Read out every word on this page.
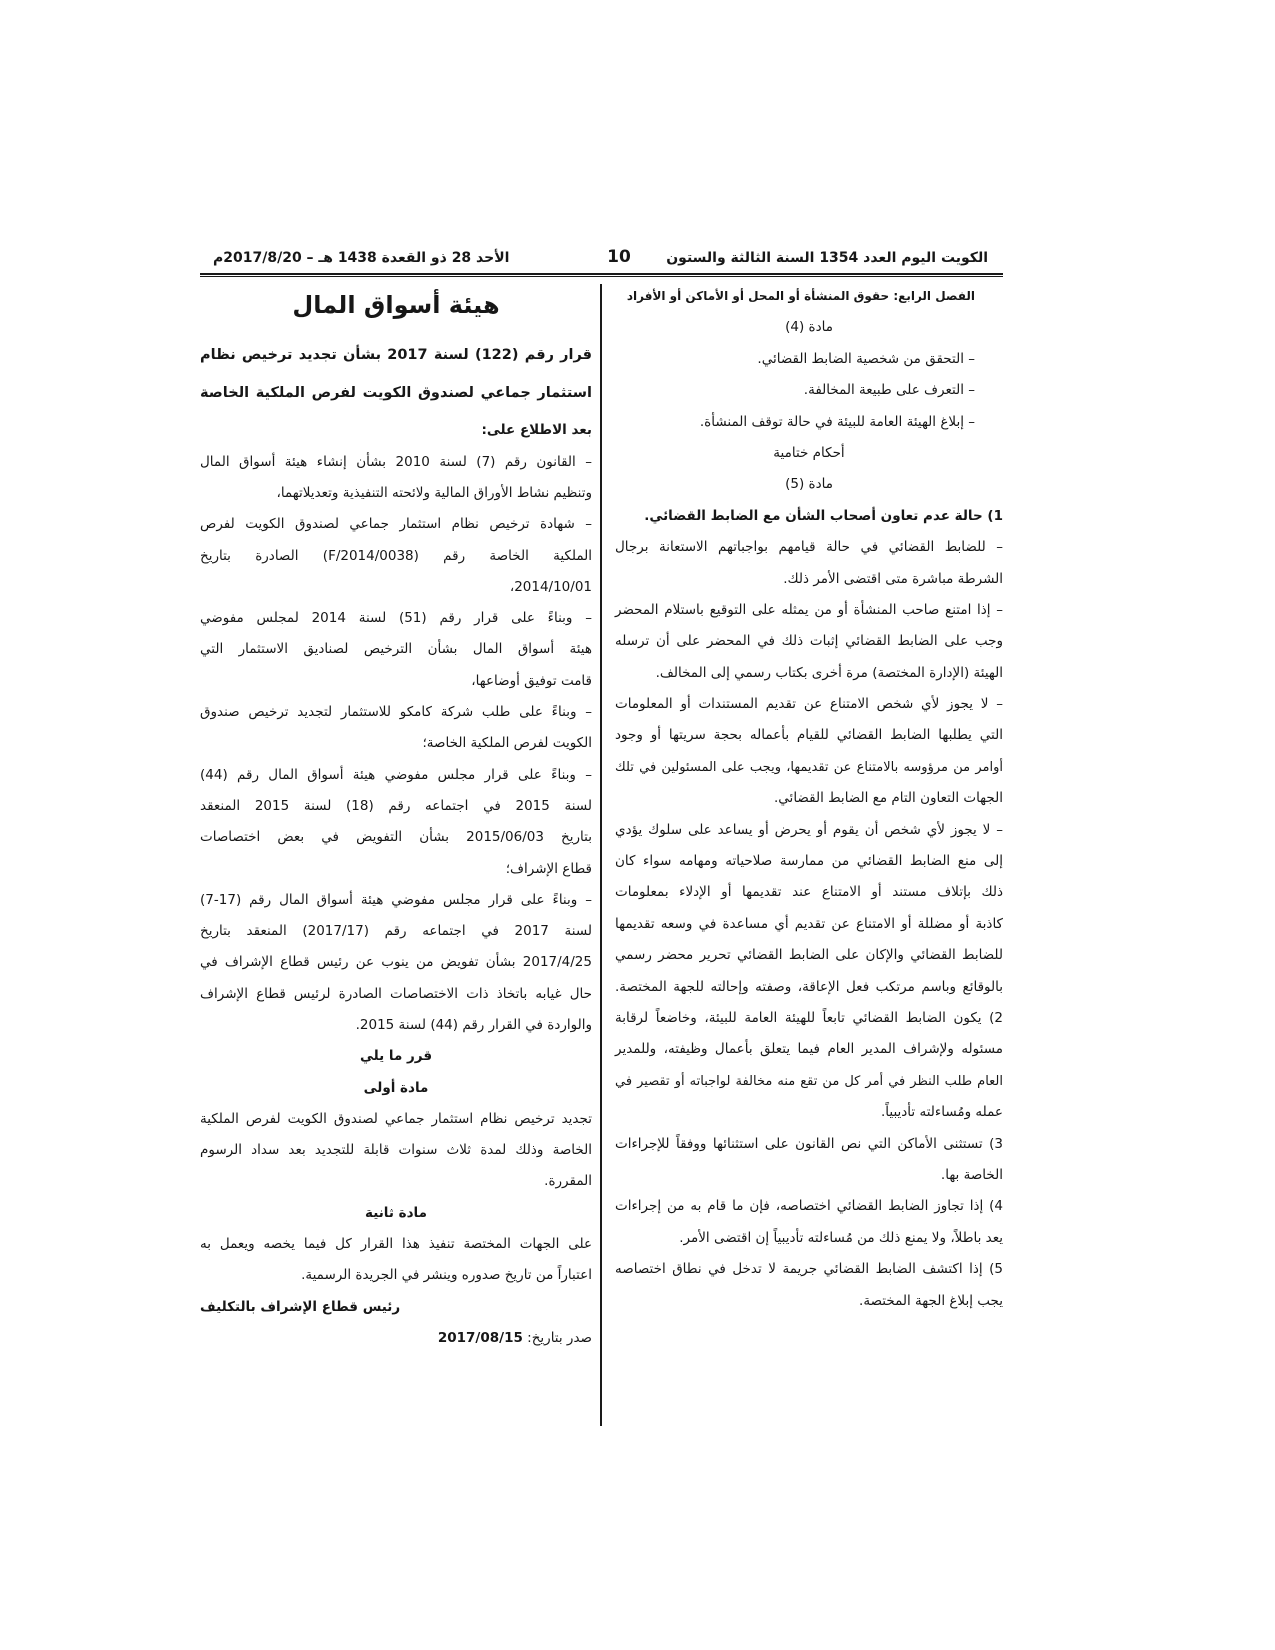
الكويت اليوم العدد 1354 السنة الثالثة والستون
10
الأحد 28 ذو القعدة 1438 هـ – 2017/8/20م
الفصل الرابع: حقوق المنشأة أو المحل أو الأماكن أو الأفراد
مادة (4)
– التحقق من شخصية الضابط القضائي.
– التعرف على طبيعة المخالفة.
– إبلاغ الهيئة العامة للبيئة في حالة توقف المنشأة.
أحكام ختامية
مادة (5)
1) حالة عدم تعاون أصحاب الشأن مع الضابط القضائي.
– للضابط القضائي في حالة قيامهم بواجباتهم الاستعانة برجال
الشرطة مباشرة متى اقتضى الأمر ذلك.
– إذا امتنع صاحب المنشأة أو من يمثله على التوقيع باستلام المحضر
وجب على الضابط القضائي إثبات ذلك في المحضر على أن ترسله
الهيئة (الإدارة المختصة) مرة أخرى بكتاب رسمي إلى المخالف.
– لا يجوز لأي شخص الامتناع عن تقديم المستندات أو المعلومات
التي يطلبها الضابط القضائي للقيام بأعماله بحجة سريتها أو وجود
أوامر من مرؤوسه بالامتناع عن تقديمها، ويجب على المسئولين في تلك
الجهات التعاون التام مع الضابط القضائي.
– لا يجوز لأي شخص أن يقوم أو يحرض أو يساعد على سلوك يؤدي
إلى منع الضابط القضائي من ممارسة صلاحياته ومهامه سواء كان
ذلك بإتلاف مستند أو الامتناع عند تقديمها أو الإدلاء بمعلومات
كاذبة أو مضللة أو الامتناع عن تقديم أي مساعدة في وسعه تقديمها
للضابط القضائي والإكان على الضابط القضائي تحرير محضر رسمي
بالوقائع وباسم مرتكب فعل الإعاقة، وصفته وإحالته للجهة المختصة.
2) يكون الضابط القضائي تابعاً للهيئة العامة للبيئة، وخاضعاً لرقابة
مسئوله ولإشراف المدير العام فيما يتعلق بأعمال وظيفته، وللمدير
العام طلب النظر في أمر كل من تقع منه مخالفة لواجباته أو تقصير في
عمله ومُساءلته تأديبياً.
3) تستثنى الأماكن التي نص القانون على استثنائها ووفقاً للإجراءات
الخاصة بها.
4) إذا تجاوز الضابط القضائي اختصاصه، فإن ما قام به من إجراءات
يعد باطلاً، ولا يمنع ذلك من مُساءلته تأديبياً إن اقتضى الأمر.
5) إذا اكتشف الضابط القضائي جريمة لا تدخل في نطاق اختصاصه
يجب إبلاغ الجهة المختصة.
هيئة أسواق المال
قرار رقم (122) لسنة 2017 بشأن تجديد ترخيص نظام
استثمار جماعي لصندوق الكويت لفرص الملكية الخاصة
بعد الاطلاع على:
– القانون رقم (7) لسنة 2010 بشأن إنشاء هيئة أسواق المال
وتنظيم نشاط الأوراق المالية ولائحته التنفيذية وتعديلاتهما،
– شهادة ترخيص نظام استثمار جماعي لصندوق الكويت لفرص
الملكية الخاصة رقم (F/2014/0038) الصادرة بتاريخ
2014/10/01،
– وبناءً على قرار رقم (51) لسنة 2014 لمجلس مفوضي
هيئة أسواق المال بشأن الترخيص لصناديق الاستثمار التي
قامت توفيق أوضاعها،
– وبناءً على طلب شركة كامكو للاستثمار لتجديد ترخيص صندوق
الكويت لفرص الملكية الخاصة؛
– وبناءً على قرار مجلس مفوضي هيئة أسواق المال رقم (44)
لسنة 2015 في اجتماعه رقم (18) لسنة 2015 المنعقد
بتاريخ 2015/06/03 بشأن التفويض في بعض اختصاصات
قطاع الإشراف؛
– وبناءً على قرار مجلس مفوضي هيئة أسواق المال رقم (17-7)
لسنة 2017 في اجتماعه رقم (2017/17) المنعقد بتاريخ
2017/4/25 بشأن تفويض من ينوب عن رئيس قطاع الإشراف في
حال غيابه باتخاذ ذات الاختصاصات الصادرة لرئيس قطاع الإشراف
والواردة في القرار رقم (44) لسنة 2015.
قرر ما يلي
مادة أولى
تجديد ترخيص نظام استثمار جماعي لصندوق الكويت لفرص الملكية
الخاصة وذلك لمدة ثلاث سنوات قابلة للتجديد بعد سداد الرسوم
المقررة.
مادة ثانية
على الجهات المختصة تنفيذ هذا القرار كل فيما يخصه ويعمل به
اعتباراً من تاريخ صدوره وينشر في الجريدة الرسمية.
رئيس قطاع الإشراف بالتكليف
صدر بتاريخ: 2017/08/15
